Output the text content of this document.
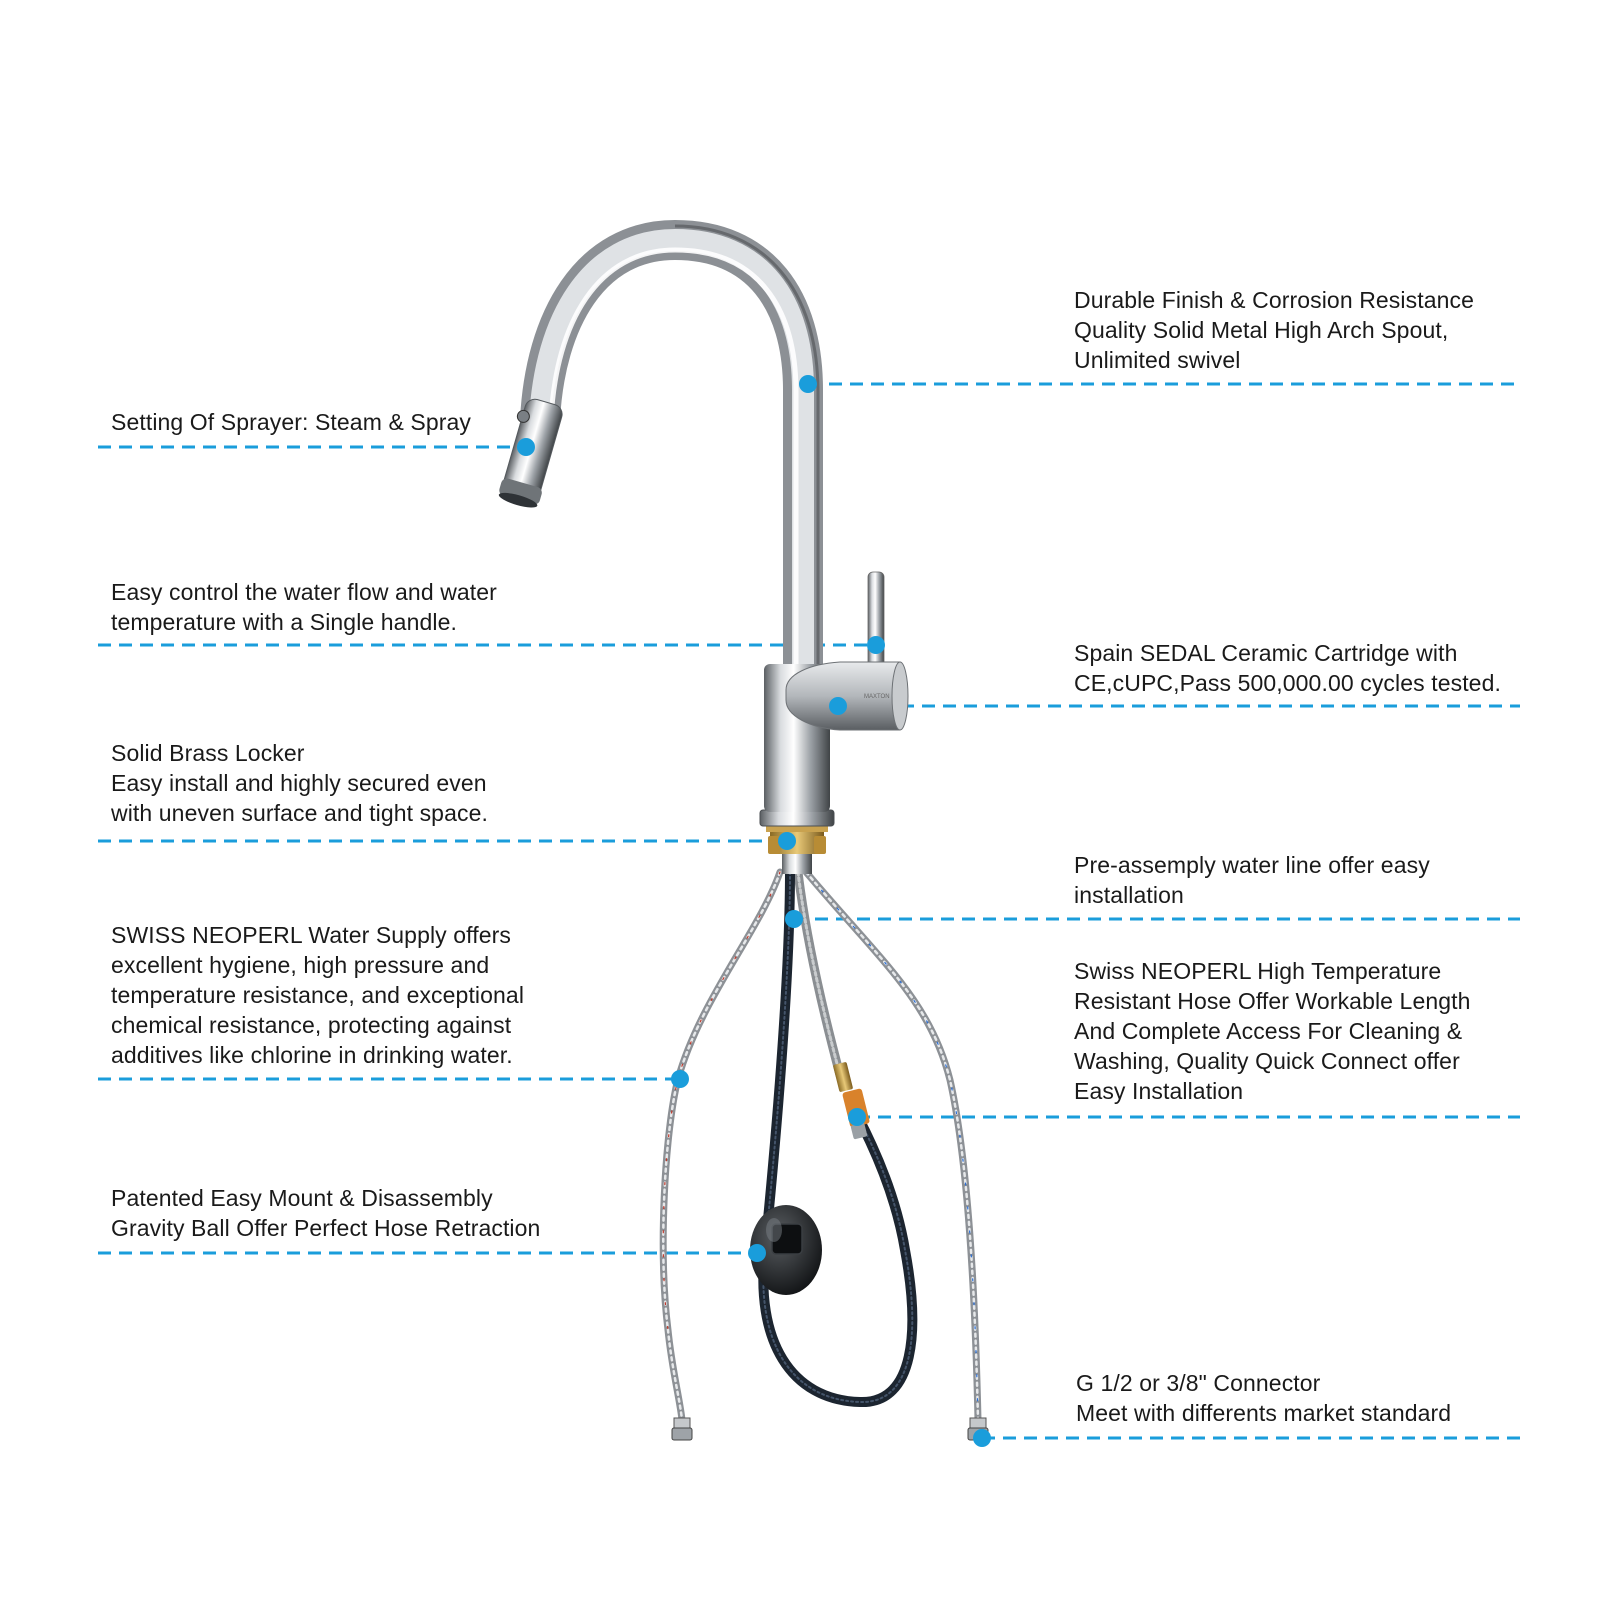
MAXTON
Durable Finish & Corrosion Resistance
Quality Solid Metal High Arch Spout,
Unlimited swivel
Setting Of Sprayer: Steam & Spray
Easy control the water flow and water
temperature with a Single handle.
Spain SEDAL Ceramic Cartridge with
CE,cUPC,Pass 500,000.00 cycles tested.
Solid Brass Locker
Easy install and highly secured even
with uneven surface and tight space.
Pre-assemply water line offer easy
installation
SWISS NEOPERL Water Supply offers
excellent hygiene, high pressure and
temperature resistance, and exceptional
chemical resistance, protecting against
additives like chlorine in drinking water.
Swiss NEOPERL High Temperature
Resistant Hose Offer Workable Length
And Complete Access For Cleaning &
Washing, Quality Quick Connect offer
Easy Installation
Patented Easy Mount & Disassembly
Gravity Ball Offer Perfect Hose Retraction
G 1/2 or 3/8" Connector
Meet with differents market standard
